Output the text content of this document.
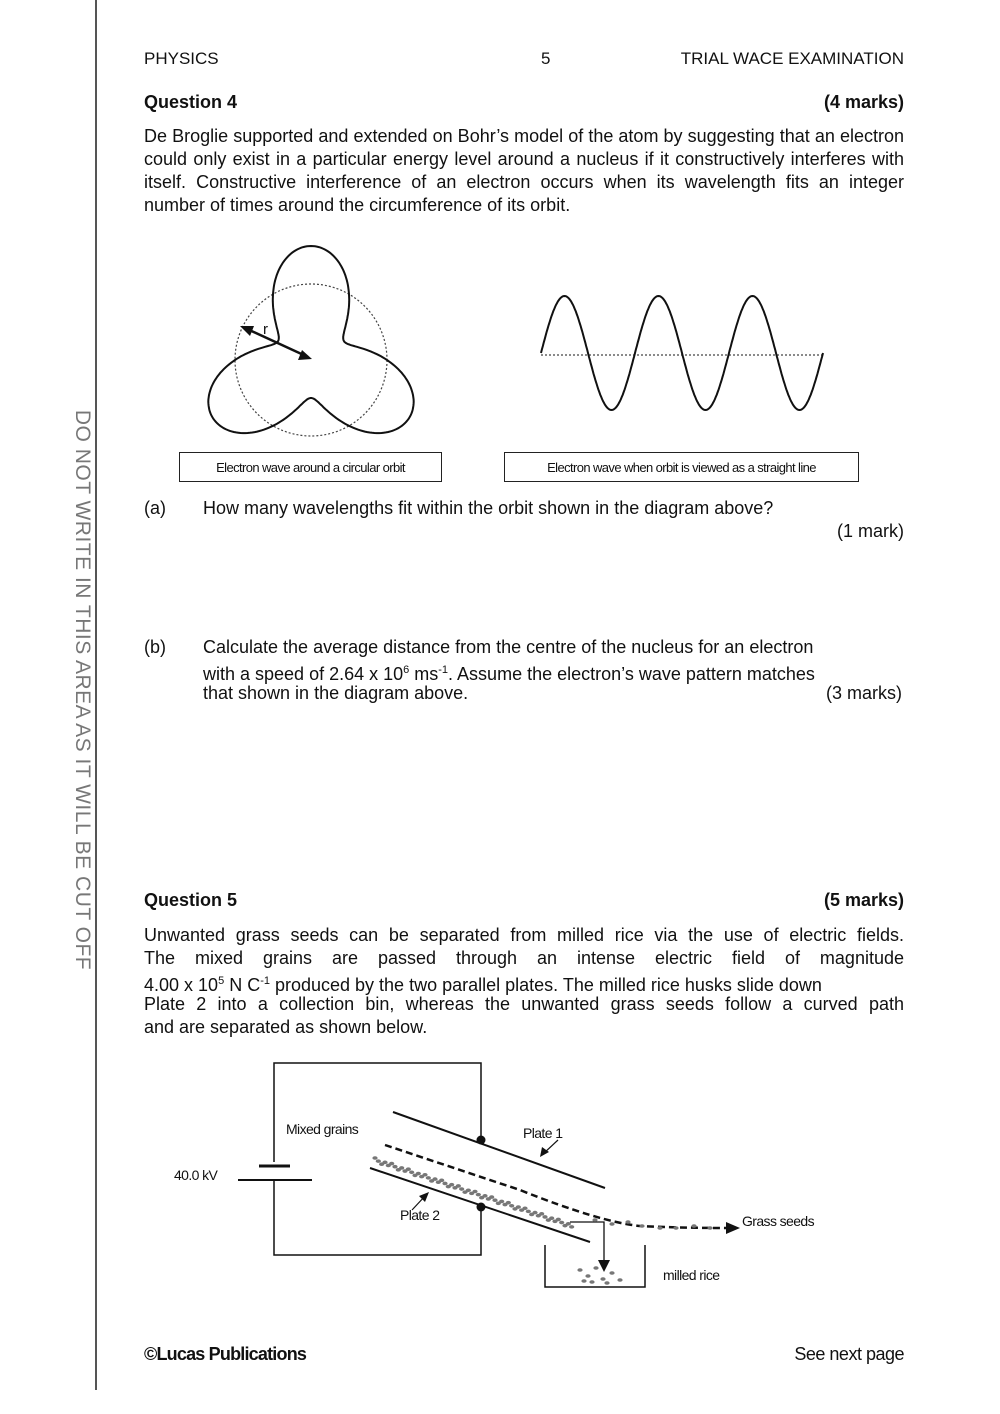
DO NOT WRITE IN THIS AREA AS IT WILL BE CUT OFF
PHYSICS	5	TRIAL WACE EXAMINATION
Question 4	(4 marks)
De Broglie supported and extended on Bohr’s model of the atom by suggesting that an electron could only exist in a particular energy level around a nucleus if it constructively interferes with itself. Constructive interference of an electron occurs when its wavelength fits an integer number of times around the circumference of its orbit.
r
Electron wave around a circular orbit	Electron wave when orbit is viewed as a straight line
(a) How many wavelengths fit within the orbit shown in the diagram above?
(1 mark)
(b) Calculate the average distance from the centre of the nucleus for an electron
with a speed of 2.64 x $10^6$ $ms^{-1}$. Assume the electron’s wave pattern matches
that shown in the diagram above.	(3 marks)
Question 5	(5 marks)
Unwanted grass seeds can be separated from milled rice via the use of electric fields.
The mixed grains are passed through an intense electric field of magnitude
4.00 x $10^5$ N $C^{-1}$ produced by the two parallel plates. The milled rice husks slide down
Plate 2 into a collection bin, whereas the unwanted grass seeds follow a curved path
and are separated as shown below.
Mixed grains	Plate 1
Plate 2
40.0 kV
Grass seeds
milled rice
©Lucas Publications	See next page
